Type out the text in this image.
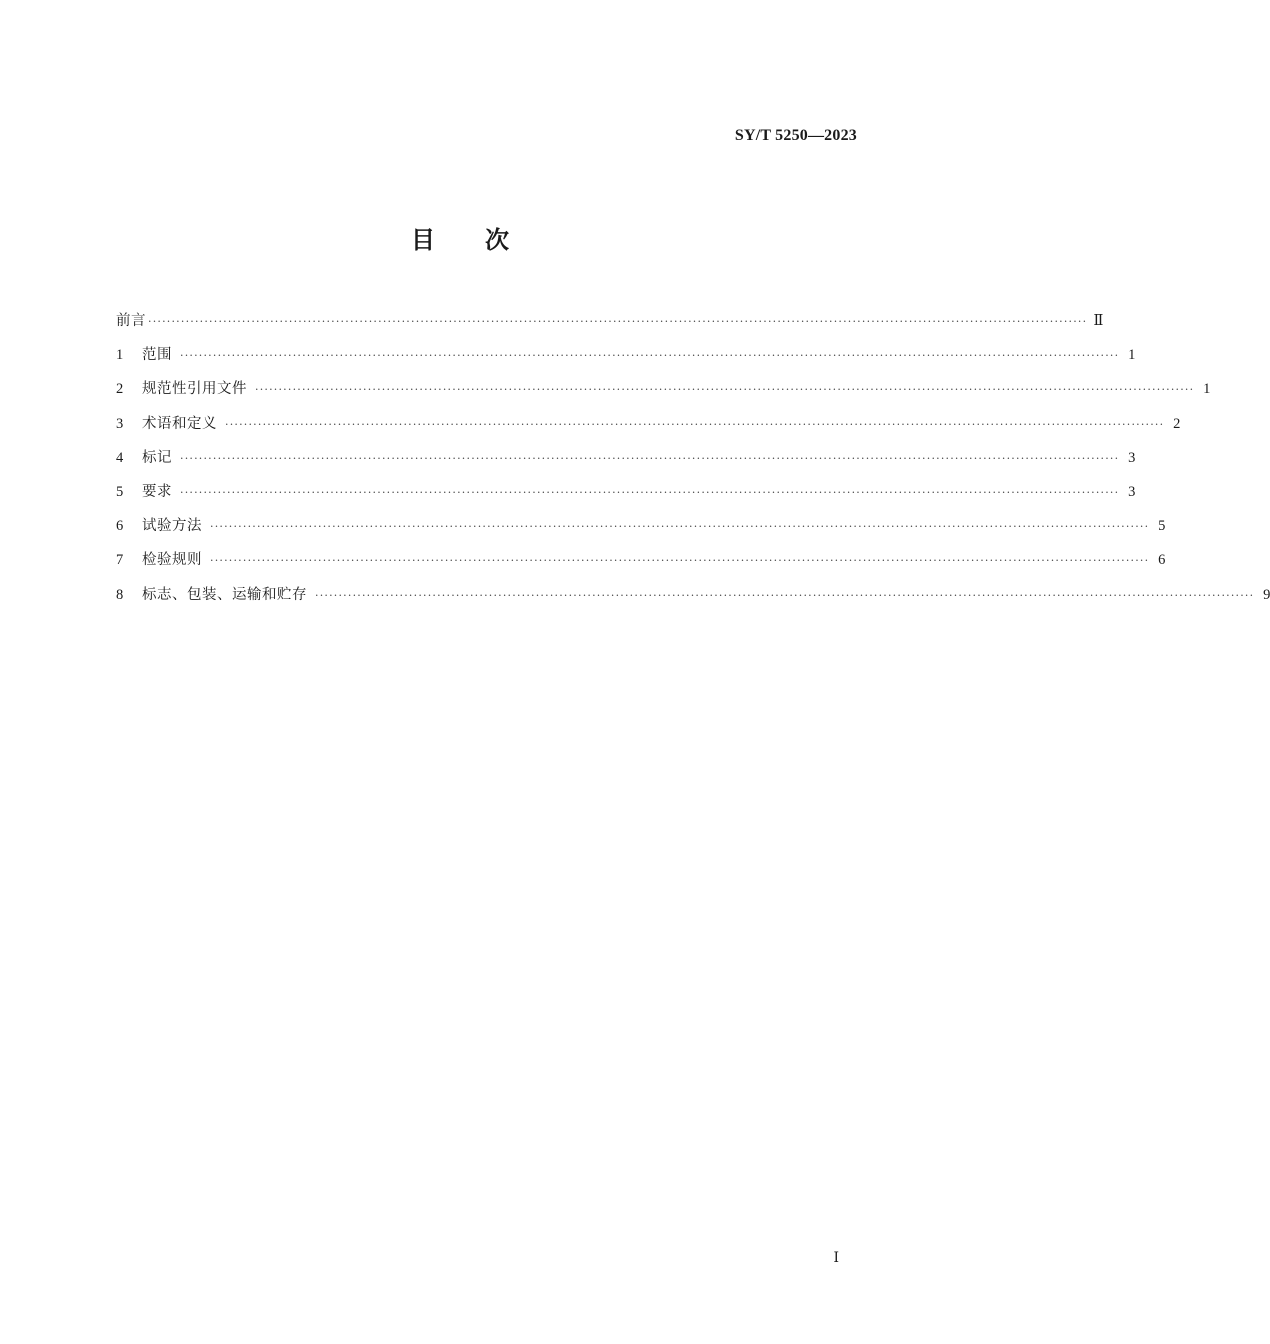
SY/T 5250—2023
目次
前言 ········································································································································································································ Ⅱ
1	范围 ········································································································································································································ 1
2	规范性引用文件 ········································································································································································································ 1
3	术语和定义 ········································································································································································································ 2
4	标记 ········································································································································································································ 3
5	要求 ········································································································································································································ 3
6	试验方法 ········································································································································································································ 5
7	检验规则 ········································································································································································································ 6
8	标志、包装、运输和贮存 ········································································································································································································ 9
Ⅰ
